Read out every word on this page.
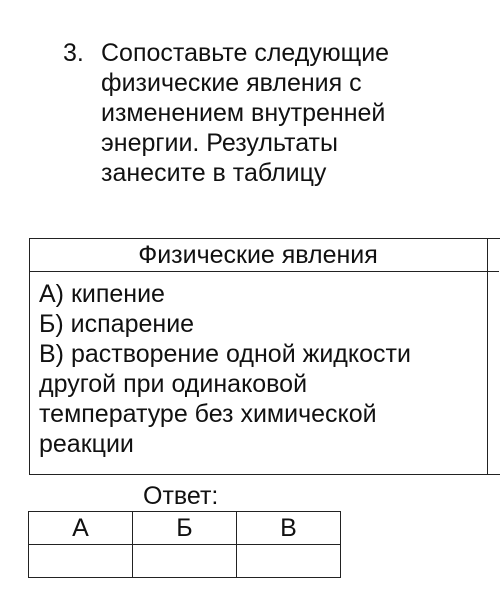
3. Сопоставьте следующие
физические явления с
изменением внутренней
энергии. Результаты
занесите в таблицу
Физические явления
А) кипение
Б) испарение
В) растворение одной жидкости
другой при одинаковой
температуре без химической
реакции
Ответ:
А	Б	В
